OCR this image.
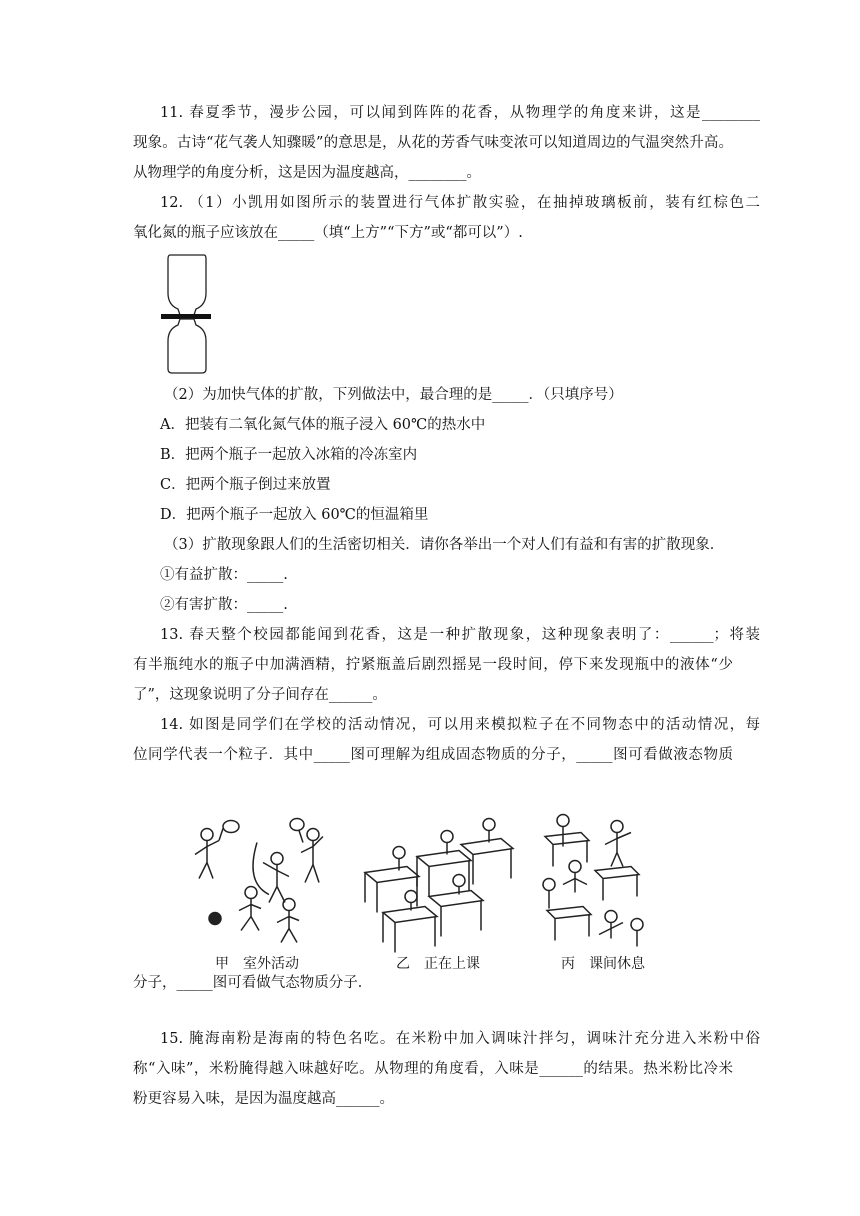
11. 春夏季节，漫步公园，可以闻到阵阵的花香，从物理学的角度来讲，这是________
现象。古诗“花气袭人知骤暖”的意思是，从花的芳香气味变浓可以知道周边的气温突然升高。
从物理学的角度分析，这是因为温度越高，________。
12. （1）小凯用如图所示的装置进行气体扩散实验，在抽掉玻璃板前，装有红棕色二
氧化氮的瓶子应该放在_____（填“上方”“下方”或“都可以”）.
（2）为加快气体的扩散，下列做法中，最合理的是_____．（只填序号）
A．把装有二氧化氮气体的瓶子浸入 60℃的热水中
B．把两个瓶子一起放入冰箱的冷冻室内
C．把两个瓶子倒过来放置
D．把两个瓶子一起放入 60℃的恒温箱里
（3）扩散现象跟人们的生活密切相关．请你各举出一个对人们有益和有害的扩散现象．
①有益扩散：_____.
②有害扩散：_____.
13. 春天整个校园都能闻到花香，这是一种扩散现象，这种现象表明了：______；将装
有半瓶纯水的瓶子中加满酒精，拧紧瓶盖后剧烈摇晃一段时间，停下来发现瓶中的液体“少
了”，这现象说明了分子间存在______。
14. 如图是同学们在学校的活动情况，可以用来模拟粒子在不同物态中的活动情况，每
位同学代表一个粒子．其中_____图可理解为组成固态物质的分子，_____图可看做液态物质
甲　室外活动	乙　正在上课	丙　课间休息
分子，_____图可看做气态物质分子．
15. 腌海南粉是海南的特色名吃。在米粉中加入调味汁拌匀，调味汁充分进入米粉中俗
称“入味”，米粉腌得越入味越好吃。从物理的角度看，入味是______的结果。热米粉比冷米
粉更容易入味，是因为温度越高______。
